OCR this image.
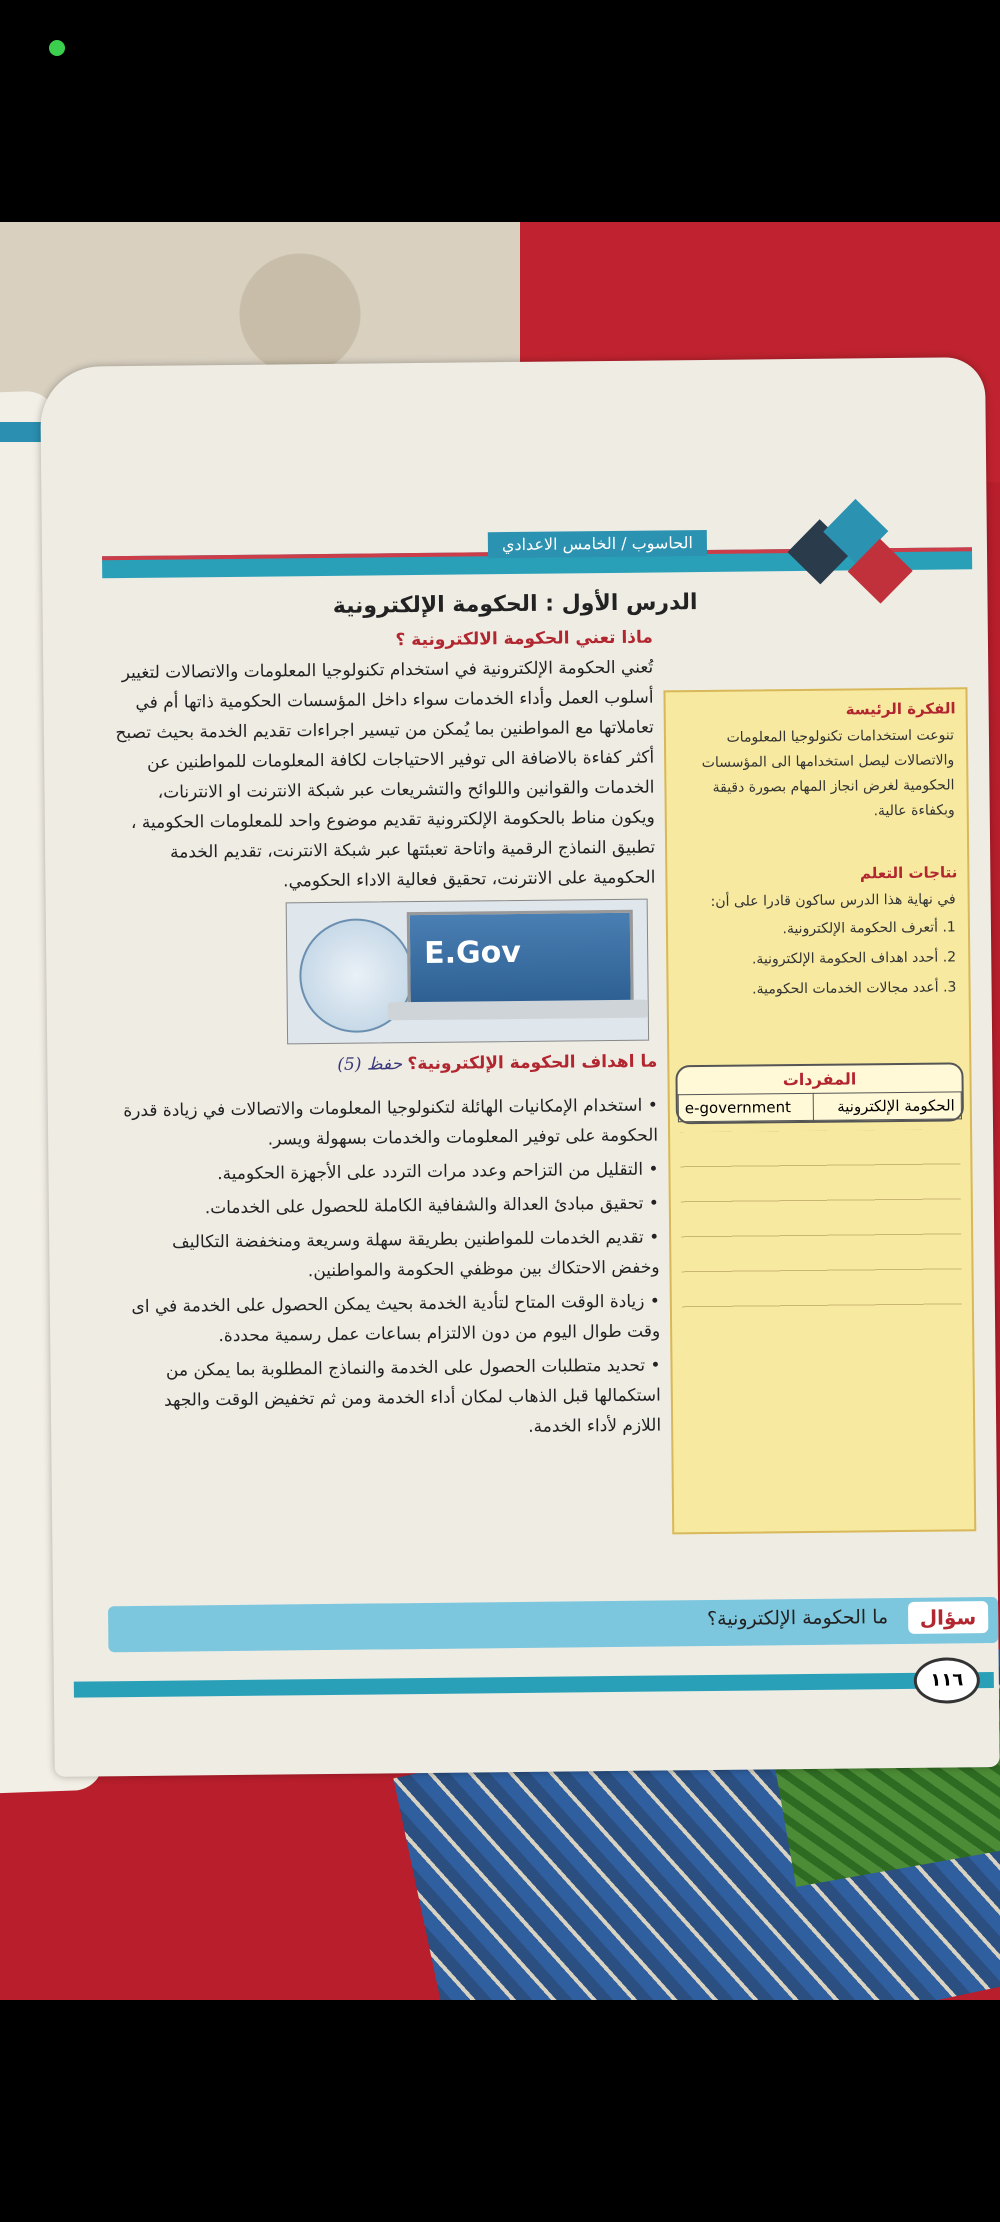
الحاسوب / الخامس الاعدادي
الدرس الأول : الحكومة الإلكترونية
ماذا تعني الحكومة الالكترونية ؟
تُعني الحكومة الإلكترونية في استخدام تكنولوجيا المعلومات والاتصالات لتغيير أسلوب العمل وأداء الخدمات سواء داخل المؤسسات الحكومية ذاتها أم في تعاملاتها مع المواطنين بما يُمكن من تيسير اجراءات تقديم الخدمة بحيث تصبح أكثر كفاءة بالاضافة الى توفير الاحتياجات لكافة المعلومات للمواطنين عن الخدمات والقوانين واللوائح والتشريعات عبر شبكة الانترنت او الانترنات، ويكون مناط بالحكومة الإلكترونية تقديم موضوع واحد للمعلومات الحكومية ، تطبيق النماذج الرقمية واتاحة تعبئتها عبر شبكة الانترنت، تقديم الخدمة الحكومية على الانترنت، تحقيق فعالية الاداء الحكومي.
E.Gov
ما اهداف الحكومة الإلكترونية؟ حفظ (5)
• استخدام الإمكانيات الهائلة لتكنولوجيا المعلومات والاتصالات في زيادة قدرة الحكومة على توفير المعلومات والخدمات بسهولة ويسر.
• التقليل من التزاحم وعدد مرات التردد على الأجهزة الحكومية.
• تحقيق مبادئ العدالة والشفافية الكاملة للحصول على الخدمات.
• تقديم الخدمات للمواطنين بطريقة سهلة وسريعة ومنخفضة التكاليف وخفض الاحتكاك بين موظفي الحكومة والمواطنين.
• زيادة الوقت المتاح لتأدية الخدمة بحيث يمكن الحصول على الخدمة في اى وقت طوال اليوم من دون الالتزام بساعات عمل رسمية محددة.
• تحديد متطلبات الحصول على الخدمة والنماذج المطلوبة بما يمكن من استكمالها قبل الذهاب لمكان أداء الخدمة ومن ثم تخفيض الوقت والجهد اللازم لأداء الخدمة.
الفكرة الرئيسة

تنوعت استخدامات تكنولوجيا المعلومات والاتصالات ليصل استخدامها الى المؤسسات الحكومية لغرض انجاز المهام بصورة دقيقة وبكفاءة عالية.

نتاجات التعلم

في نهاية هذا الدرس ساكون قادرا على أن:

1. أتعرف الحكومة الإلكترونية.
2. أحدد اهداف الحكومة الإلكترونية.
3. أعدد مجالات الخدمات الحكومية.
المفردات
الحكومة الإلكترونية	e-government
سؤال
ما الحكومة الإلكترونية؟
١١٦
